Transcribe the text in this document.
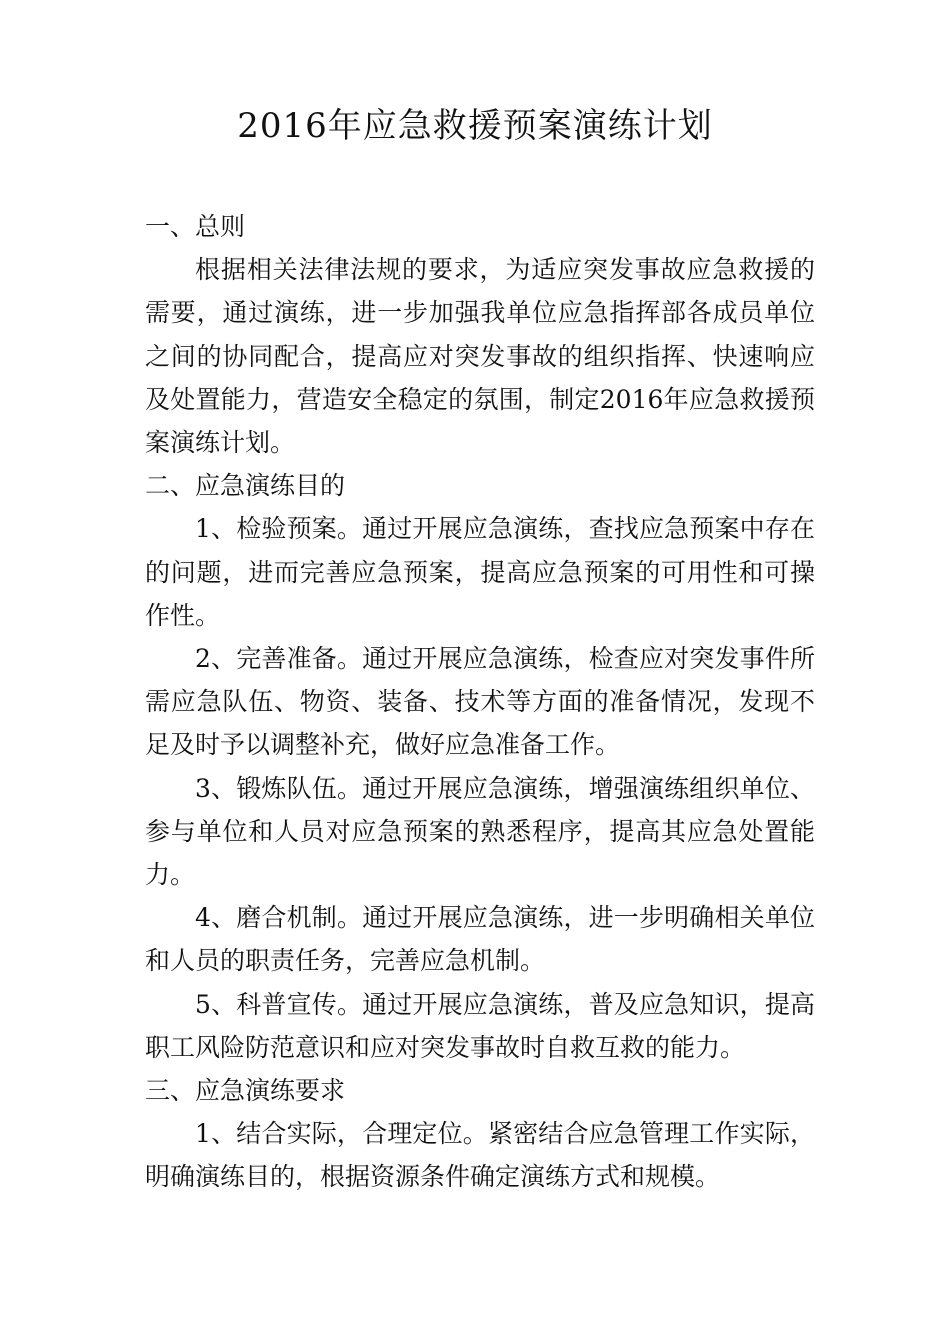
2016年应急救援预案演练计划
一、总则

根据相关法律法规的要求，为适应突发事故应急救援的需要，通过演练，进一步加强我单位应急指挥部各成员单位之间的协同配合，提高应对突发事故的组织指挥、快速响应及处置能力，营造安全稳定的氛围，制定2016年应急救援预案演练计划。

二、应急演练目的

1、检验预案。通过开展应急演练，查找应急预案中存在的问题，进而完善应急预案，提高应急预案的可用性和可操作性。

2、完善准备。通过开展应急演练，检查应对突发事件所需应急队伍、物资、装备、技术等方面的准备情况，发现不足及时予以调整补充，做好应急准备工作。

3、锻炼队伍。通过开展应急演练，增强演练组织单位、参与单位和人员对应急预案的熟悉程序，提高其应急处置能力。

4、磨合机制。通过开展应急演练，进一步明确相关单位和人员的职责任务，完善应急机制。

5、科普宣传。通过开展应急演练，普及应急知识，提高职工风险防范意识和应对突发事故时自救互救的能力。

三、应急演练要求

1、结合实际，合理定位。紧密结合应急管理工作实际，明确演练目的，根据资源条件确定演练方式和规模。
